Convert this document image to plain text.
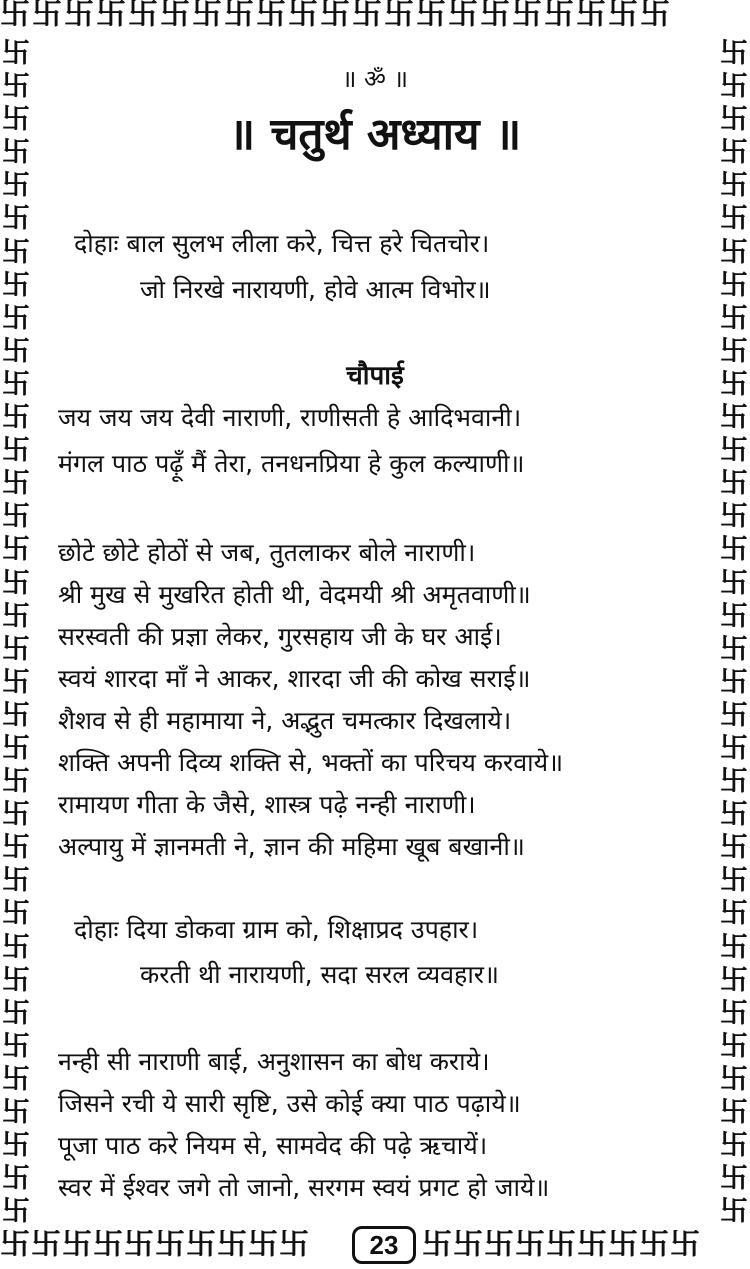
卐卐卐卐卐卐卐卐卐卐卐卐卐卐卐卐卐卐卐卐卐
卐
卐
卐
卐
卐
卐
卐
卐
卐
卐
卐
卐
卐
卐
卐
卐
卐
卐
卐
卐
卐
卐
卐
卐
卐
卐
卐
卐
卐
卐
卐
卐
卐
卐
卐
卐
卐
卐
卐
卐
卐
卐
卐
卐
卐
卐
卐
卐
卐
卐
卐
卐
卐
卐
卐
卐
卐
卐
卐
卐
卐
卐
卐
卐
卐
卐
卐
卐
卐
卐
卐
卐
卐卐卐卐卐卐卐卐卐卐	卐卐卐卐卐卐卐卐卐
23
॥ ॐ ॥
॥ चतुर्थ अध्याय ॥
दोहाः बाल सुलभ लीला करे, चित्त हरे चितचोर।
जो निरखे नारायणी, होवे आत्म विभोर॥
चौपाई
जय जय जय देवी नाराणी, राणीसती हे आदिभवानी।
मंगल पाठ पढ़ूँ मैं तेरा, तनधनप्रिया हे कुल कल्याणी॥
छोटे छोटे होठों से जब, तुतलाकर बोले नाराणी।
श्री मुख से मुखरित होती थी, वेदमयी श्री अमृतवाणी॥
सरस्वती की प्रज्ञा लेकर, गुरसहाय जी के घर आई।
स्वयं शारदा माँ ने आकर, शारदा जी की कोख सराई॥
शैशव से ही महामाया ने, अद्भुत चमत्कार दिखलाये।
शक्ति अपनी दिव्य शक्ति से, भक्तों का परिचय करवाये॥
रामायण गीता के जैसे, शास्त्र पढ़े नन्ही नाराणी।
अल्पायु में ज्ञानमती ने, ज्ञान की महिमा खूब बखानी॥
दोहाः दिया डोकवा ग्राम को, शिक्षाप्रद उपहार।
करती थी नारायणी, सदा सरल व्यवहार॥
नन्ही सी नाराणी बाई, अनुशासन का बोध कराये।
जिसने रची ये सारी सृष्टि, उसे कोई क्या पाठ पढ़ाये॥
पूजा पाठ करे नियम से, सामवेद की पढ़े ऋचायें।
स्वर में ईश्वर जगे तो जानो, सरगम स्वयं प्रगट हो जाये॥
